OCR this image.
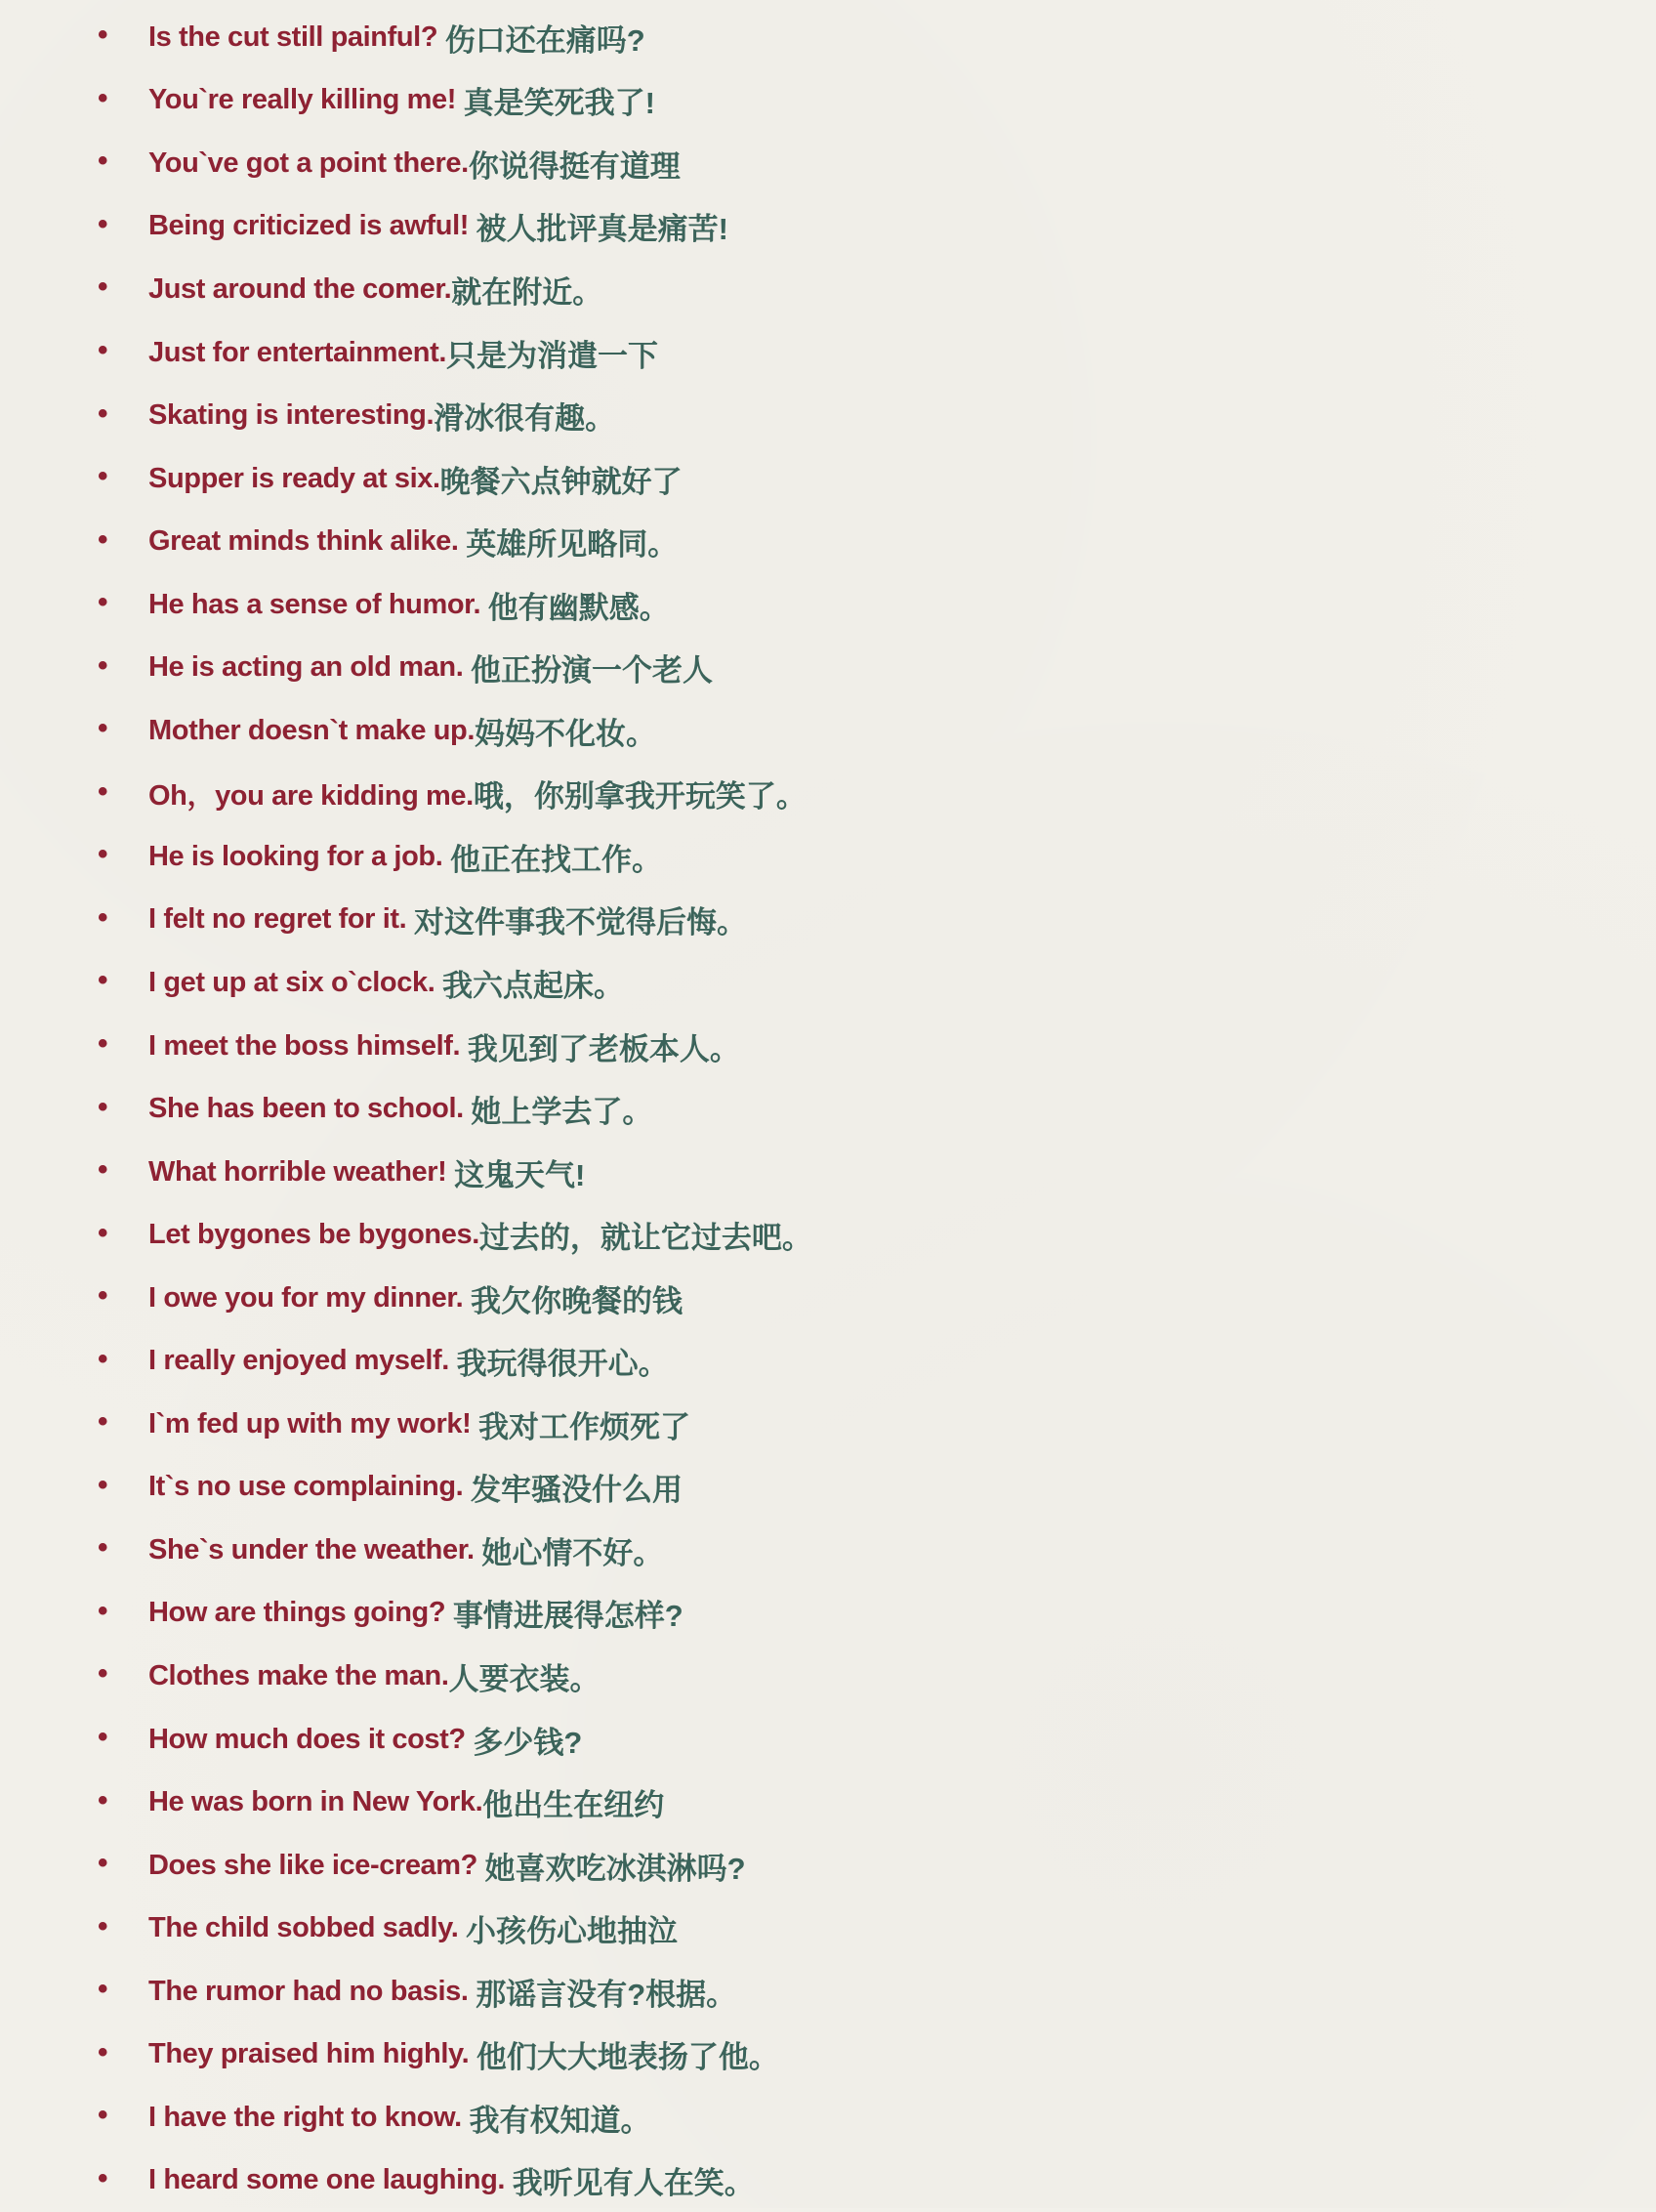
•	Is the cut still painful? 伤口还在痛吗?
•	You`re really killing me! 真是笑死我了!
•	You`ve got a point there. 你说得挺有道理
•	Being criticized is awful! 被人批评真是痛苦!
•	Just around the comer. 就在附近。
•	Just for entertainment. 只是为消遣一下
•	Skating is interesting. 滑冰很有趣。
•	Supper is ready at six. 晚餐六点钟就好了
•	Great minds think alike. 英雄所见略同。
•	He has a sense of humor. 他有幽默感。
•	He is acting an old man. 他正扮演一个老人
•	Mother doesn`t make up. 妈妈不化妆。
•	Oh，you are kidding me. 哦，你别拿我开玩笑了。
•	He is looking for a job. 他正在找工作。
•	I felt no regret for it. 对这件事我不觉得后悔。
•	I get up at six o`clock. 我六点起床。
•	I meet the boss himself. 我见到了老板本人。
•	She has been to school. 她上学去了。
•	What horrible weather! 这鬼天气!
•	Let bygones be bygones. 过去的，就让它过去吧。
•	I owe you for my dinner. 我欠你晚餐的钱
•	I really enjoyed myself. 我玩得很开心。
•	I`m fed up with my work! 我对工作烦死了
•	It`s no use complaining. 发牢骚没什么用
•	She`s under the weather. 她心情不好。
•	How are things going? 事情进展得怎样?
•	Clothes make the man. 人要衣装。
•	How much does it cost? 多少钱?
•	He was born in New York. 他出生在纽约
•	Does she like ice-cream? 她喜欢吃冰淇淋吗?
•	The child sobbed sadly. 小孩伤心地抽泣
•	The rumor had no basis. 那谣言没有?根据。
•	They praised him highly. 他们大大地表扬了他。
•	I have the right to know. 我有权知道。
•	I heard some one laughing. 我听见有人在笑。
